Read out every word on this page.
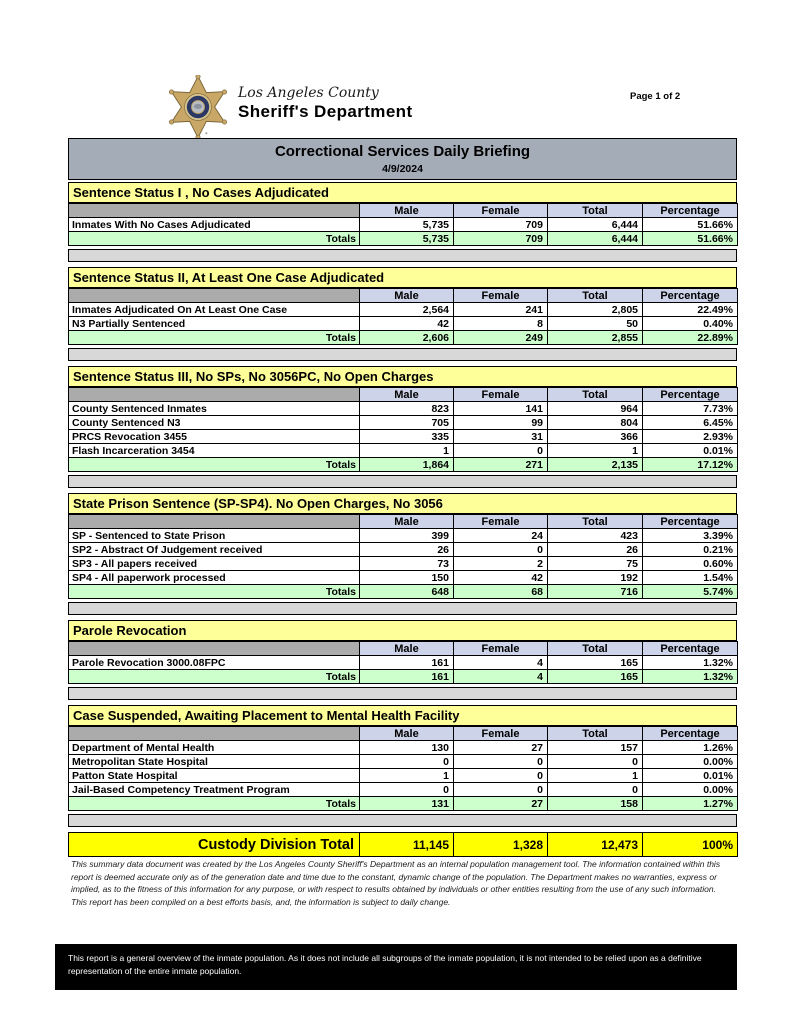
Los Angeles County
Sheriff's Department
Page 1 of 2
Correctional Services Daily Briefing
4/9/2024
Sentence Status I , No Cases Adjudicated
	Male	Female	Total	Percentage
Inmates With No Cases Adjudicated	5,735	709	6,444	51.66%
Totals	5,735	709	6,444	51.66%
Sentence Status II, At Least One Case Adjudicated
	Male	Female	Total	Percentage
Inmates Adjudicated On At Least One Case	2,564	241	2,805	22.49%
N3 Partially Sentenced	42	8	50	0.40%
Totals	2,606	249	2,855	22.89%
Sentence Status III, No SPs, No 3056PC, No Open Charges
	Male	Female	Total	Percentage
County Sentenced Inmates	823	141	964	7.73%
County Sentenced N3	705	99	804	6.45%
PRCS Revocation 3455	335	31	366	2.93%
Flash Incarceration 3454	1	0	1	0.01%
Totals	1,864	271	2,135	17.12%
State Prison Sentence (SP-SP4). No Open Charges, No 3056
	Male	Female	Total	Percentage
SP - Sentenced to State Prison	399	24	423	3.39%
SP2 - Abstract Of Judgement received	26	0	26	0.21%
SP3 - All papers received	73	2	75	0.60%
SP4 - All paperwork processed	150	42	192	1.54%
Totals	648	68	716	5.74%
Parole Revocation
	Male	Female	Total	Percentage
Parole Revocation 3000.08FPC	161	4	165	1.32%
Totals	161	4	165	1.32%
Case Suspended, Awaiting Placement to Mental Health Facility
	Male	Female	Total	Percentage
Department of Mental Health	130	27	157	1.26%
Metropolitan State Hospital	0	0	0	0.00%
Patton State Hospital	1	0	1	0.01%
Jail-Based Competency Treatment Program	0	0	0	0.00%
Totals	131	27	158	1.27%
Custody Division Total	11,145	1,328	12,473	100%
This summary data document was created by the Los Angeles County Sheriff's Department as an internal population management tool. The information contained within this report is deemed accurate only as of the generation date and time due to the constant, dynamic change of the population. The Department makes no warranties, express or implied, as to the fitness of this information for any purpose, or with respect to results obtained by individuals or other entities resulting from the use of any such information. This report has been compiled on a best efforts basis, and, the information is subject to daily change.
This report is a general overview of the inmate population. As it does not include all subgroups of the inmate population, it is not intended to be relied upon as a definitive representation of the entire inmate population.
